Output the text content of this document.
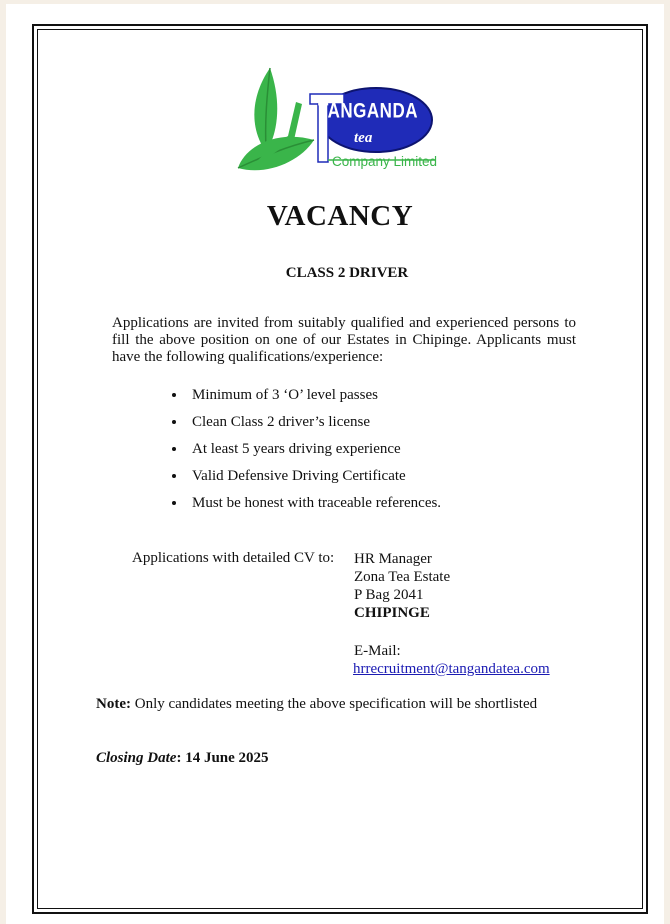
TANGANDA
tea
Company Limited
VACANCY
CLASS 2 DRIVER
Applications are invited from suitably qualified and experienced persons to fill the above position on one of our Estates in Chipinge. Applicants must have the following qualifications/experience:
Minimum of 3 ‘O’ level passes
Clean Class 2 driver’s license
At least 5 years driving experience
Valid Defensive Driving Certificate
Must be honest with traceable references.
Applications with detailed CV to: HR Manager
Zona Tea Estate
P Bag 2041
CHIPINGE
E-Mail:
hrrecruitment@tangandatea.com
Note: Only candidates meeting the above specification will be shortlisted
Closing Date: 14 June 2025
